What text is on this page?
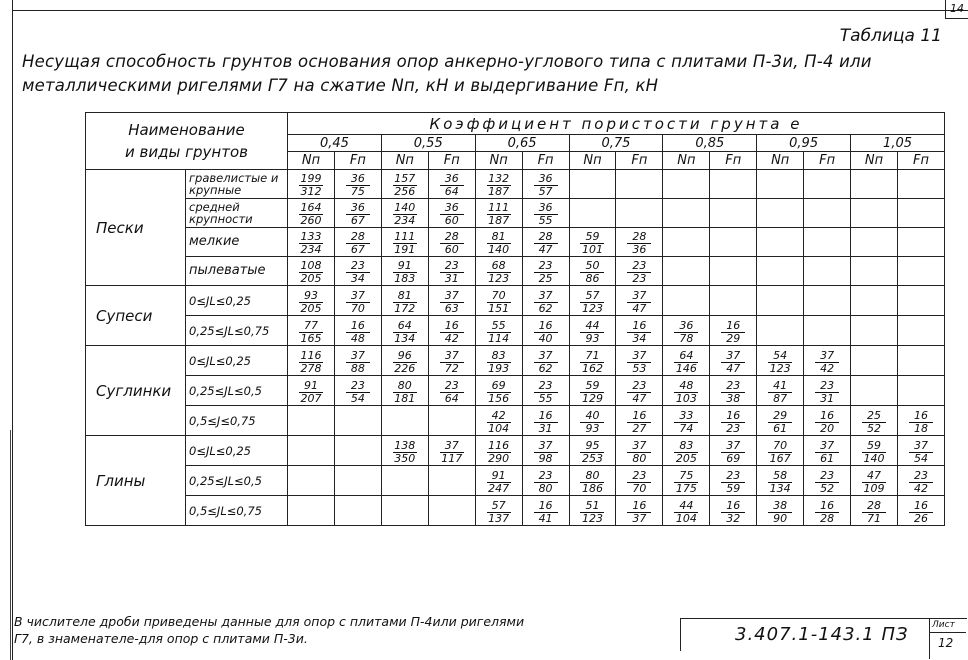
14
Таблица 11
Несущая способность грунтов основания опор анкерно-углового типа с плитами П-3и, П-4 или металлическими ригелями Г7 на сжатие Nп, кН и выдергивание Fп, кН
Наименование
и виды грунтов		Коэффициент пористости грунта е													
		0,45		0,55		0,65		0,75		0,85		0,95		1,05	
		Nп	Fп	Nп	Fп	Nп	Fп	Nп	Fп	Nп	Fп	Nп	Fп	Nп	Fп
Пески	гравелистые и крупные	$\frac{199}{312}$	$\frac{36}{75}$	$\frac{157}{256}$	$\frac{36}{64}$	$\frac{132}{187}$	$\frac{36}{57}$

	средней крупности	$\frac{164}{260}$	$\frac{36}{67}$	$\frac{140}{234}$	$\frac{36}{60}$	$\frac{111}{187}$	$\frac{36}{55}$

	мелкие	$\frac{133}{234}$	$\frac{28}{67}$	$\frac{111}{191}$	$\frac{28}{60}$	$\frac{81}{140}$	$\frac{28}{47}$	$\frac{59}{101}$	$\frac{28}{36}$

	пылеватые	$\frac{108}{205}$	$\frac{23}{34}$	$\frac{91}{183}$	$\frac{23}{31}$	$\frac{68}{123}$	$\frac{23}{25}$	$\frac{50}{86}$	$\frac{23}{23}$

Супеси	0≤ЈL≤0,25	$\frac{93}{205}$	$\frac{37}{70}$	$\frac{81}{172}$	$\frac{37}{63}$	$\frac{70}{151}$	$\frac{37}{62}$	$\frac{57}{123}$	$\frac{37}{47}$

	0,25≤ЈL≤0,75	$\frac{77}{165}$	$\frac{16}{48}$	$\frac{64}{134}$	$\frac{16}{42}$	$\frac{55}{114}$	$\frac{16}{40}$	$\frac{44}{93}$	$\frac{16}{34}$	$\frac{36}{78}$	$\frac{16}{29}$

Суглинки	0≤ЈL≤0,25	$\frac{116}{278}$	$\frac{37}{88}$	$\frac{96}{226}$	$\frac{37}{72}$	$\frac{83}{193}$	$\frac{37}{62}$	$\frac{71}{162}$	$\frac{37}{53}$	$\frac{64}{146}$	$\frac{37}{47}$	$\frac{54}{123}$	$\frac{37}{42}$

	0,25≤ЈL≤0,5	$\frac{91}{207}$	$\frac{23}{54}$	$\frac{80}{181}$	$\frac{23}{64}$	$\frac{69}{156}$	$\frac{23}{55}$	$\frac{59}{129}$	$\frac{23}{47}$	$\frac{48}{103}$	$\frac{23}{38}$	$\frac{41}{87}$	$\frac{23}{31}$

	0,5≤Ј≤0,75					$\frac{42}{104}$	$\frac{16}{31}$	$\frac{40}{93}$	$\frac{16}{27}$	$\frac{33}{74}$	$\frac{16}{23}$	$\frac{29}{61}$	$\frac{16}{20}$	$\frac{25}{52}$	$\frac{16}{18}$

Глины	0≤ЈL≤0,25			$\frac{138}{350}$	$\frac{37}{117}$	$\frac{116}{290}$	$\frac{37}{98}$	$\frac{95}{253}$	$\frac{37}{80}$	$\frac{83}{205}$	$\frac{37}{69}$	$\frac{70}{167}$	$\frac{37}{61}$	$\frac{59}{140}$	$\frac{37}{54}$

	0,25≤ЈL≤0,5					$\frac{91}{247}$	$\frac{23}{80}$	$\frac{80}{186}$	$\frac{23}{70}$	$\frac{75}{175}$	$\frac{23}{59}$	$\frac{58}{134}$	$\frac{23}{52}$	$\frac{47}{109}$	$\frac{23}{42}$

	0,5≤ЈL≤0,75					$\frac{57}{137}$	$\frac{16}{41}$	$\frac{51}{123}$	$\frac{16}{37}$	$\frac{44}{104}$	$\frac{16}{32}$	$\frac{38}{90}$	$\frac{16}{28}$	$\frac{28}{71}$	$\frac{16}{26}$
В числителе дроби приведены данные для опор с плитами П-4или ригелями
Г7, в знаменателе-для опор с плитами П-3и.	3.407.1-143.1 ПЗ	Лист
12
